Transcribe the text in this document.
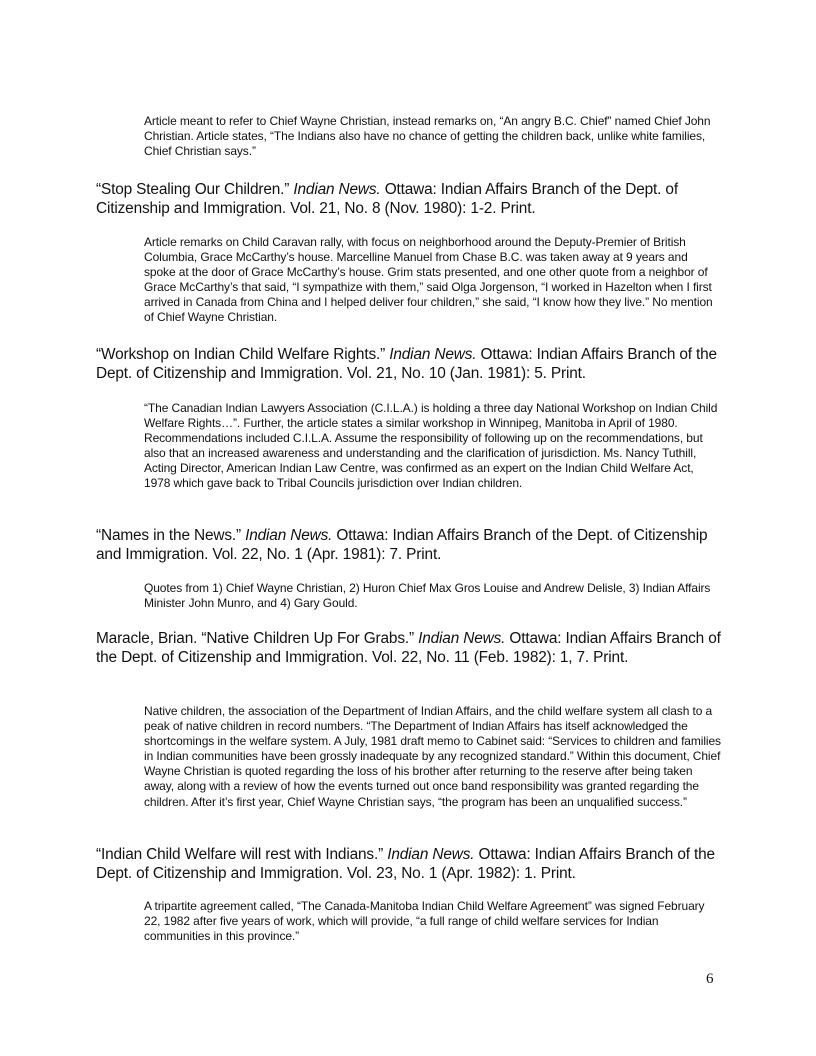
Article meant to refer to Chief Wayne Christian, instead remarks on, “An angry B.C. Chief” named Chief John Christian. Article states, “The Indians also have no chance of getting the children back, unlike white families, Chief Christian says.”

“Stop Stealing Our Children.” Indian News. Ottawa: Indian Affairs Branch of the Dept. of Citizenship and Immigration. Vol. 21, No. 8 (Nov. 1980): 1-2. Print.

Article remarks on Child Caravan rally, with focus on neighborhood around the Deputy-Premier of British Columbia, Grace McCarthy’s house. Marcelline Manuel from Chase B.C. was taken away at 9 years and spoke at the door of Grace McCarthy’s house. Grim stats presented, and one other quote from a neighbor of Grace McCarthy’s that said, “I sympathize with them,” said Olga Jorgenson, “I worked in Hazelton when I first arrived in Canada from China and I helped deliver four children,” she said, “I know how they live.” No mention of Chief Wayne Christian.

“Workshop on Indian Child Welfare Rights.” Indian News. Ottawa: Indian Affairs Branch of the Dept. of Citizenship and Immigration. Vol. 21, No. 10 (Jan. 1981): 5. Print.

“The Canadian Indian Lawyers Association (C.I.L.A.) is holding a three day National Workshop on Indian Child Welfare Rights…”. Further, the article states a similar workshop in Winnipeg, Manitoba in April of 1980. Recommendations included C.I.L.A. Assume the responsibility of following up on the recommendations, but also that an increased awareness and understanding and the clarification of jurisdiction. Ms. Nancy Tuthill, Acting Director, American Indian Law Centre, was confirmed as an expert on the Indian Child Welfare Act, 1978 which gave back to Tribal Councils jurisdiction over Indian children.

“Names in the News.” Indian News. Ottawa: Indian Affairs Branch of the Dept. of Citizenship and Immigration. Vol. 22, No. 1 (Apr. 1981): 7. Print.

Quotes from 1) Chief Wayne Christian, 2) Huron Chief Max Gros Louise and Andrew Delisle, 3) Indian Affairs Minister John Munro, and 4) Gary Gould.

Maracle, Brian. “Native Children Up For Grabs.” Indian News. Ottawa: Indian Affairs Branch of the Dept. of Citizenship and Immigration. Vol. 22, No. 11 (Feb. 1982): 1, 7. Print.

Native children, the association of the Department of Indian Affairs, and the child welfare system all clash to a peak of native children in record numbers. “The Department of Indian Affairs has itself acknowledged the shortcomings in the welfare system. A July, 1981 draft memo to Cabinet said: “Services to children and families in Indian communities have been grossly inadequate by any recognized standard.” Within this document, Chief Wayne Christian is quoted regarding the loss of his brother after returning to the reserve after being taken away, along with a review of how the events turned out once band responsibility was granted regarding the children. After it’s first year, Chief Wayne Christian says, “the program has been an unqualified success.”

“Indian Child Welfare will rest with Indians.” Indian News. Ottawa: Indian Affairs Branch of the Dept. of Citizenship and Immigration. Vol. 23, No. 1 (Apr. 1982): 1. Print.

A tripartite agreement called, “The Canada-Manitoba Indian Child Welfare Agreement” was signed February 22, 1982 after five years of work, which will provide, “a full range of child welfare services for Indian communities in this province.”

6
